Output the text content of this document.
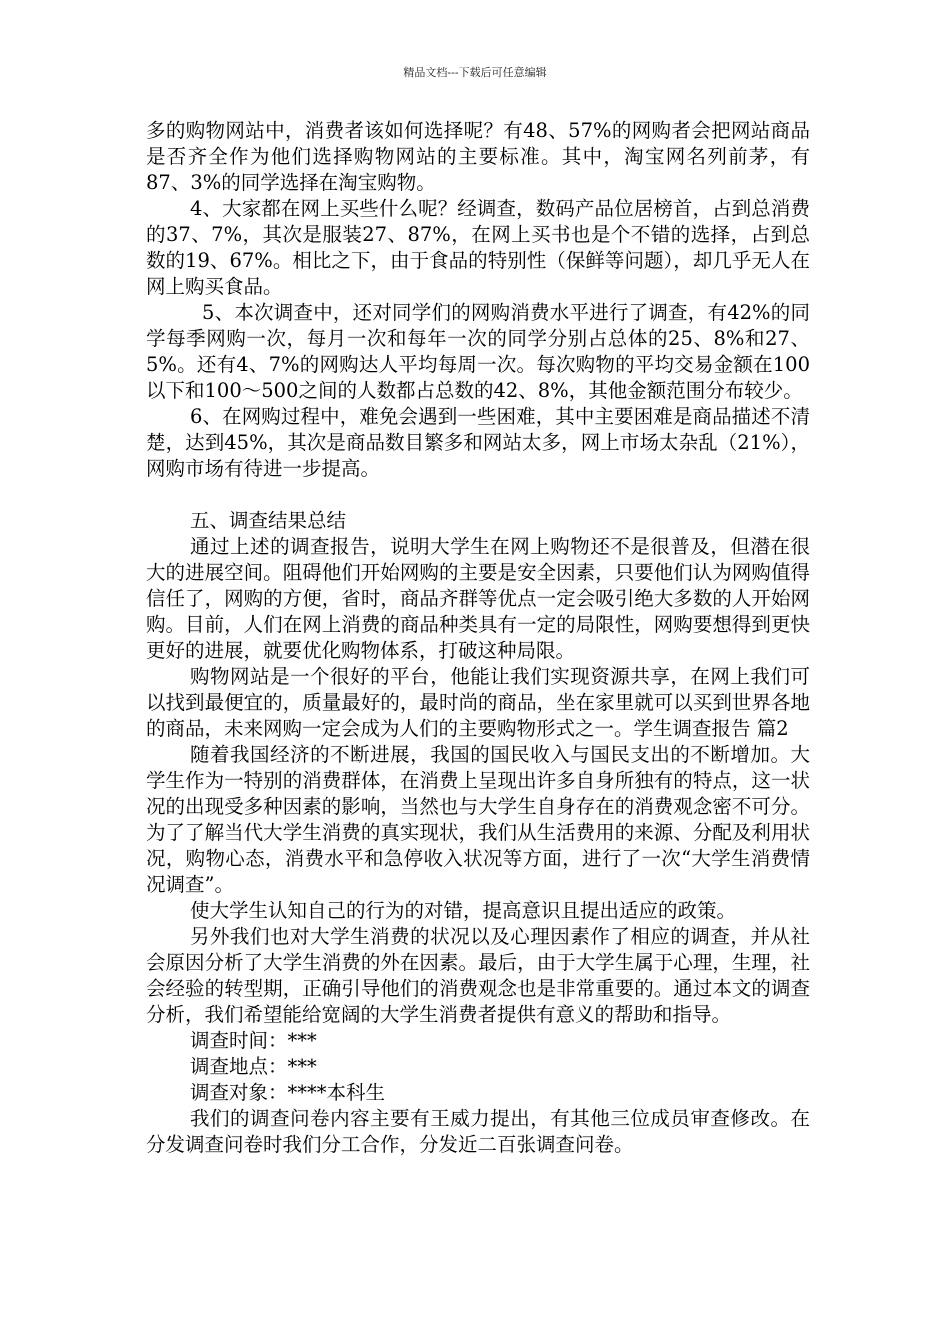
精品文档---下载后可任意编辑

多的购物网站中，消费者该如何选择呢？有48、57%的网购者会把网站商品是否齐全作为他们选择购物网站的主要标准。其中，淘宝网名列前茅，有87、3%的同学选择在淘宝购物。

4、大家都在网上买些什么呢？经调查，数码产品位居榜首，占到总消费的37、7%，其次是服装27、87%，在网上买书也是个不错的选择，占到总数的19、67%。相比之下，由于食品的特别性（保鲜等问题），却几乎无人在网上购买食品。

5、本次调查中，还对同学们的网购消费水平进行了调查，有42%的同学每季网购一次，每月一次和每年一次的同学分别占总体的25、8%和27、5%。还有4、7%的网购达人平均每周一次。每次购物的平均交易金额在100以下和100～500之间的人数都占总数的42、8%，其他金额范围分布较少。

6、在网购过程中，难免会遇到一些困难，其中主要困难是商品描述不清楚，达到45%，其次是商品数目繁多和网站太多，网上市场太杂乱（21%），网购市场有待进一步提高。

五、调查结果总结

通过上述的调查报告，说明大学生在网上购物还不是很普及，但潜在很大的进展空间。阻碍他们开始网购的主要是安全因素，只要他们认为网购值得信任了，网购的方便，省时，商品齐群等优点一定会吸引绝大多数的人开始网购。目前，人们在网上消费的商品种类具有一定的局限性，网购要想得到更快更好的进展，就要优化购物体系，打破这种局限。

购物网站是一个很好的平台，他能让我们实现资源共享，在网上我们可以找到最便宜的，质量最好的，最时尚的商品，坐在家里就可以买到世界各地的商品，未来网购一定会成为人们的主要购物形式之一。学生调查报告 篇2

随着我国经济的不断进展，我国的国民收入与国民支出的不断增加。大学生作为一特别的消费群体，在消费上呈现出许多自身所独有的特点，这一状况的出现受多种因素的影响，当然也与大学生自身存在的消费观念密不可分。为了了解当代大学生消费的真实现状，我们从生活费用的来源、分配及利用状况，购物心态，消费水平和急停收入状况等方面，进行了一次“大学生消费情况调查”。

使大学生认知自己的行为的对错，提高意识且提出适应的政策。

另外我们也对大学生消费的状况以及心理因素作了相应的调查，并从社会原因分析了大学生消费的外在因素。最后，由于大学生属于心理，生理，社会经验的转型期，正确引导他们的消费观念也是非常重要的。通过本文的调查分析，我们希望能给宽阔的大学生消费者提供有意义的帮助和指导。

调查时间：***

调查地点：***

调查对象：****本科生

我们的调查问卷内容主要有王威力提出，有其他三位成员审查修改。在分发调查问卷时我们分工合作，分发近二百张调查问卷。
